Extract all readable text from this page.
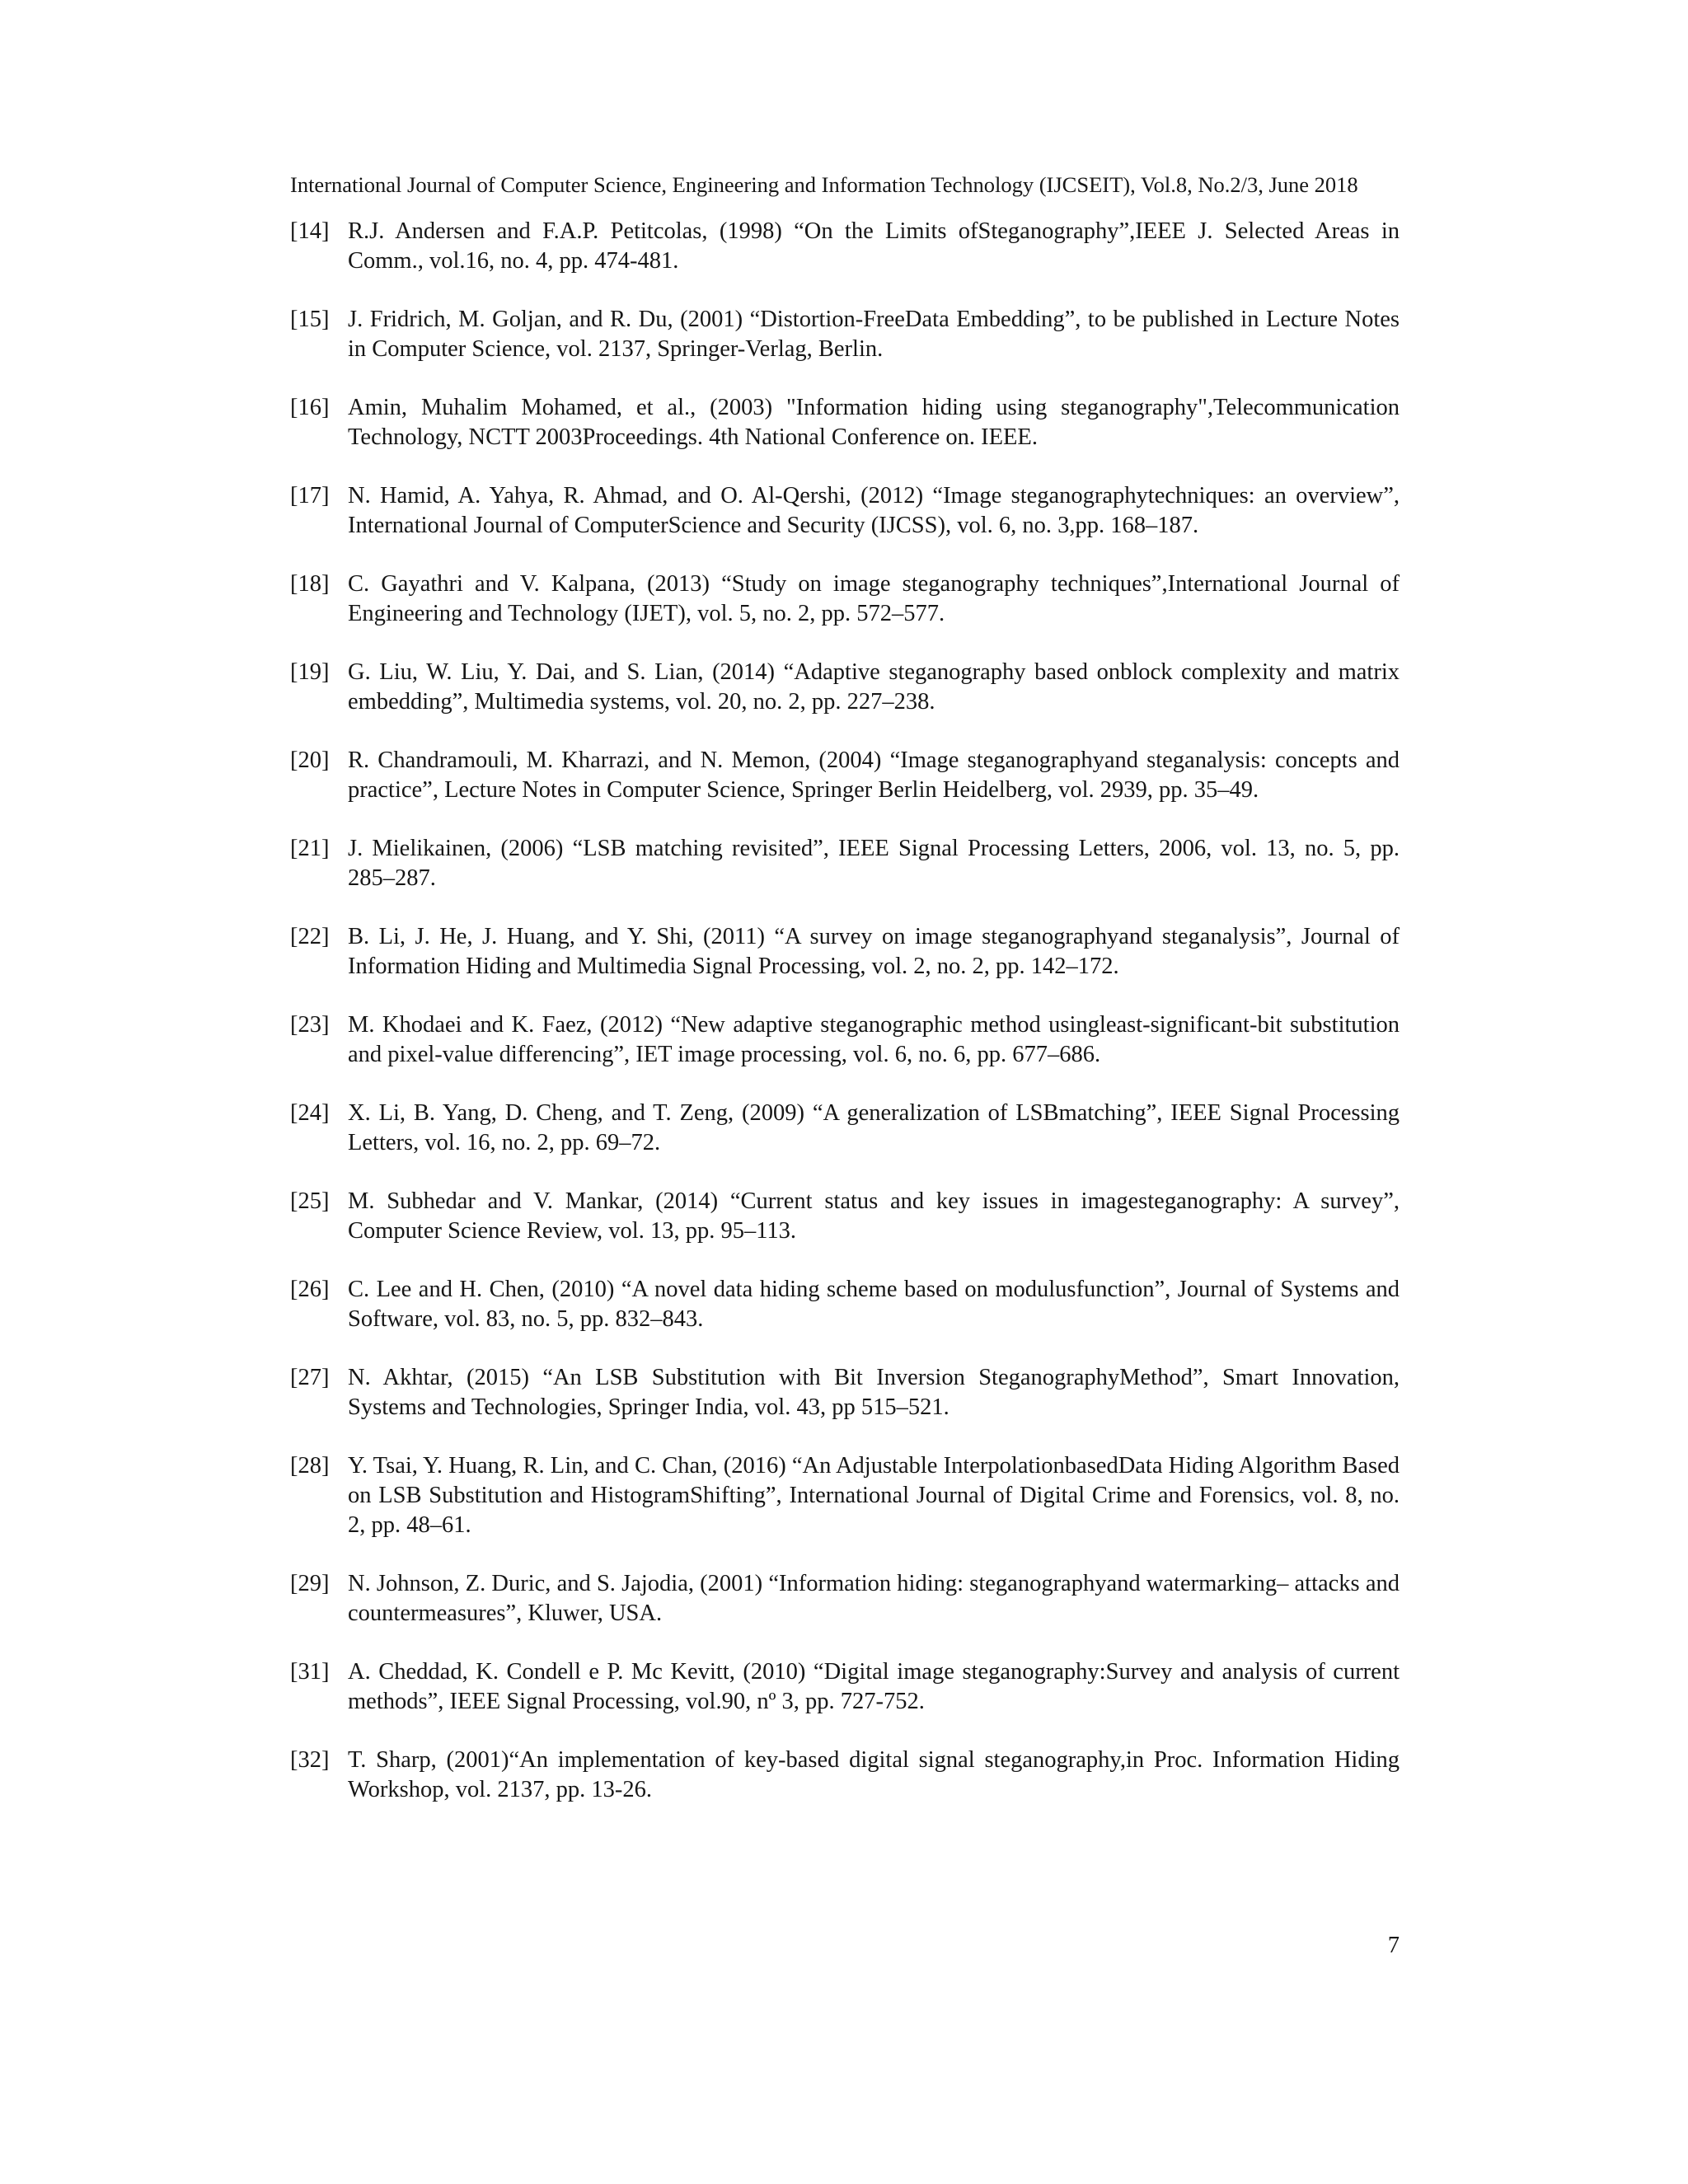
International Journal of Computer Science, Engineering and Information Technology (IJCSEIT), Vol.8, No.2/3, June 2018
[14] R.J. Andersen and F.A.P. Petitcolas, (1998) “On the Limits ofSteganography”,IEEE J. Selected Areas in Comm., vol.16, no. 4, pp. 474-481.
[15] J. Fridrich, M. Goljan, and R. Du, (2001) “Distortion-FreeData Embedding”, to be published in Lecture Notes in Computer Science, vol. 2137, Springer-Verlag, Berlin.
[16] Amin, Muhalim Mohamed, et al., (2003) "Information hiding using steganography",Telecommunication Technology, NCTT 2003Proceedings. 4th National Conference on. IEEE.
[17] N. Hamid, A. Yahya, R. Ahmad, and O. Al-Qershi, (2012) “Image steganographytechniques: an overview”, International Journal of ComputerScience and Security (IJCSS), vol. 6, no. 3,pp. 168–187.
[18] C. Gayathri and V. Kalpana, (2013) “Study on image steganography techniques”,International Journal of Engineering and Technology (IJET), vol. 5, no. 2, pp. 572–577.
[19] G. Liu, W. Liu, Y. Dai, and S. Lian, (2014) “Adaptive steganography based onblock complexity and matrix embedding”, Multimedia systems, vol. 20, no. 2, pp. 227–238.
[20] R. Chandramouli, M. Kharrazi, and N. Memon, (2004) “Image steganographyand steganalysis: concepts and practice”, Lecture Notes in Computer Science, Springer Berlin Heidelberg, vol. 2939, pp. 35–49.
[21] J. Mielikainen, (2006) “LSB matching revisited”, IEEE Signal Processing Letters, 2006, vol. 13, no. 5, pp. 285–287.
[22] B. Li, J. He, J. Huang, and Y. Shi, (2011) “A survey on image steganographyand steganalysis”, Journal of Information Hiding and Multimedia Signal Processing, vol. 2, no. 2, pp. 142–172.
[23] M. Khodaei and K. Faez, (2012) “New adaptive steganographic method usingleast-significant-bit substitution and pixel-value differencing”, IET image processing, vol. 6, no. 6, pp. 677–686.
[24] X. Li, B. Yang, D. Cheng, and T. Zeng, (2009) “A generalization of LSBmatching”, IEEE Signal Processing Letters, vol. 16, no. 2, pp. 69–72.
[25] M. Subhedar and V. Mankar, (2014) “Current status and key issues in imagesteganography: A survey”, Computer Science Review, vol. 13, pp. 95–113.
[26] C. Lee and H. Chen, (2010) “A novel data hiding scheme based on modulusfunction”, Journal of Systems and Software, vol. 83, no. 5, pp. 832–843.
[27] N. Akhtar, (2015) “An LSB Substitution with Bit Inversion SteganographyMethod”, Smart Innovation, Systems and Technologies, Springer India, vol. 43, pp 515–521.
[28] Y. Tsai, Y. Huang, R. Lin, and C. Chan, (2016) “An Adjustable InterpolationbasedData Hiding Algorithm Based on LSB Substitution and HistogramShifting”, International Journal of Digital Crime and Forensics, vol. 8, no. 2, pp. 48–61.
[29] N. Johnson, Z. Duric, and S. Jajodia, (2001) “Information hiding: steganographyand watermarking– attacks and countermeasures”, Kluwer, USA.
[31] A. Cheddad, K. Condell e P. Mc Kevitt, (2010) “Digital image steganography:Survey and analysis of current methods”, IEEE Signal Processing, vol.90, nº 3, pp. 727-752.
[32] T. Sharp, (2001)“An implementation of key-based digital signal steganography,in Proc. Information Hiding Workshop, vol. 2137, pp. 13-26.
7
